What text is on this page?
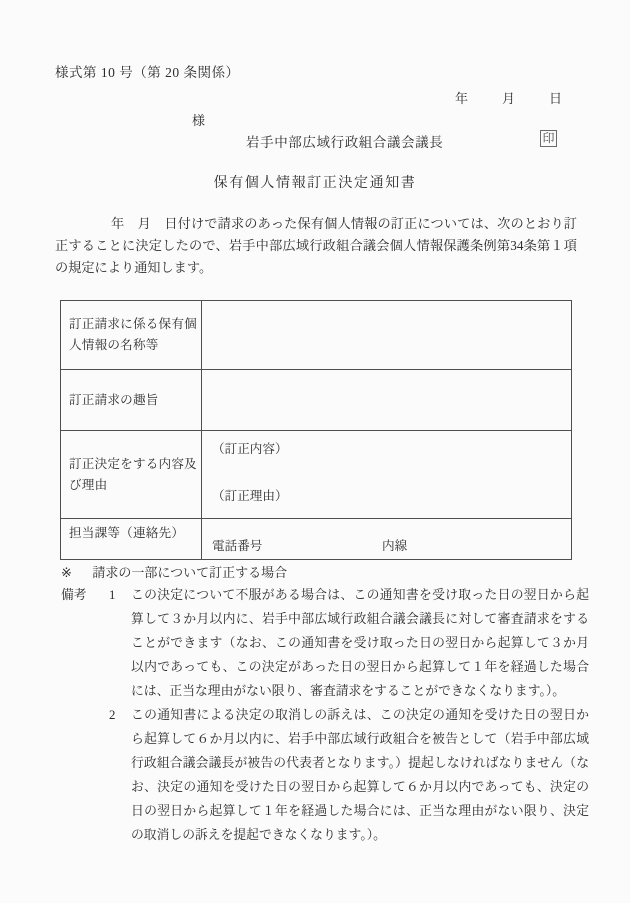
様式第 10 号（第 20 条関係）
年	月	日
様
岩手中部広域行政組合議会議長	印
保有個人情報訂正決定通知書
年　月　日付けで請求のあった保有個人情報の訂正については、次のとおり訂正することに決定したので、岩手中部広域行政組合議会個人情報保護条例第34条第１項の規定により通知します。
訂正請求に係る保有個人情報の名称等	
訂正請求の趣旨	
訂正決定をする内容及び理由	（訂正内容）
（訂正理由）

担当課等（連絡先）	電話番号 内線
※ 請求の一部について訂正する場合
備考	1	この決定について不服がある場合は、この通知書を受け取った日の翌日から起算して３か月以内に、岩手中部広域行政組合議会議長に対して審査請求をすることができます（なお、この通知書を受け取った日の翌日から起算して３か月以内であっても、この決定があった日の翌日から起算して１年を経過した場合には、正当な理由がない限り、審査請求をすることができなくなります。）。
2	この通知書による決定の取消しの訴えは、この決定の通知を受けた日の翌日から起算して６か月以内に、岩手中部広域行政組合を被告として（岩手中部広域行政組合議会議長が被告の代表者となります。）提起しなければなりません（なお、決定の通知を受けた日の翌日から起算して６か月以内であっても、決定の日の翌日から起算して１年を経過した場合には、正当な理由がない限り、決定の取消しの訴えを提起できなくなります。）。
